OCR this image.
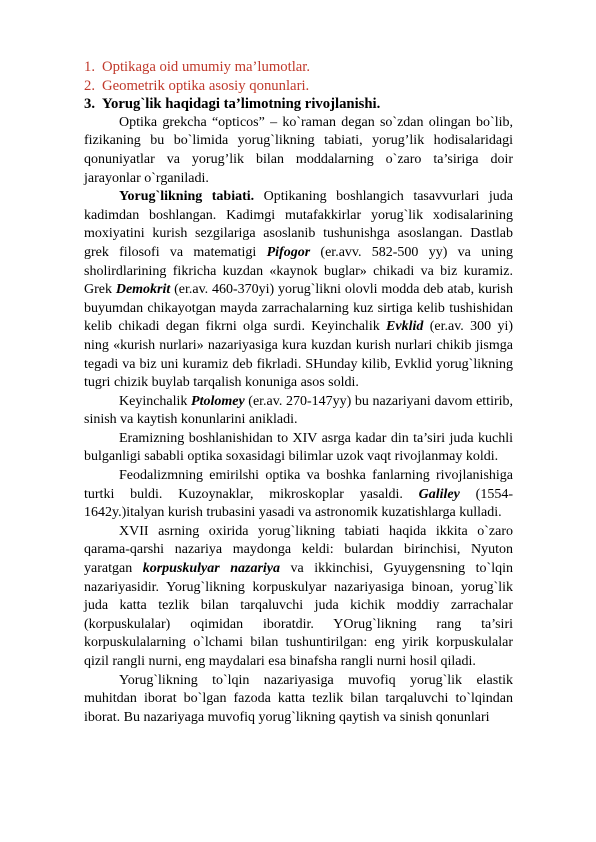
1. Optikaga oid umumiy ma’lumotlar.
2. Geometrik optika asosiy qonunlari.
3. Yorug`lik haqidagi ta’limotning rivojlanishi.

Optika grekcha “opticos” – ko`raman degan so`zdan olingan bo`lib, fizikaning bu bo`limida yorug`likning tabiati, yorug’lik hodisalaridagi qonuniyatlar va yorug’lik bilan moddalarning o`zaro ta’siriga doir jarayonlar o`rganiladi.

Yorug`likning tabiati. Optikaning boshlangich tasavvurlari juda kadimdan boshlangan. Kadimgi mutafakkirlar yorug`lik xodisalarining moxiyatini kurish sezgilariga asoslanib tushunishga asoslangan. Dastlab grek filosofi va matematigi Pifogor (er.avv. 582-500 yy) va uning sholirdlarining fikricha kuzdan «kaynok buglar» chikadi va biz kuramiz. Grek Demokrit (er.av. 460-370yi) yorug`likni olovli modda deb atab, kurish buyumdan chikayotgan mayda zarrachalarning kuz sirtiga kelib tushishidan kelib chikadi degan fikrni olga surdi. Keyinchalik Evklid (er.av. 300 yi) ning «kurish nurlari» nazariyasiga kura kuzdan kurish nurlari chikib jismga tegadi va biz uni kuramiz deb fikrladi. SHunday kilib, Evklid yorug`likning tugri chizik buylab tarqalish konuniga asos soldi.

Keyinchalik Ptolomey (er.av. 270-147yy) bu nazariyani davom ettirib, sinish va kaytish konunlarini anikladi.

Eramizning boshlanishidan to XIV asrga kadar din ta’siri juda kuchli bulganligi sababli optika soxasidagi bilimlar uzok vaqt rivojlanmay koldi.

Feodalizmning emirilshi optika va boshka fanlarning rivojlanishiga turtki buldi. Kuzoynaklar, mikroskoplar yasaldi. Galiley (1554-1642y.)italyan kurish trubasini yasadi va astronomik kuzatishlarga kulladi.

XVII asrning oxirida yorug`likning tabiati haqida ikkita o`zaro qarama-qarshi nazariya maydonga keldi: bulardan birinchisi, Nyuton yaratgan korpuskulyar nazariya va ikkinchisi, Gyuygensning to`lqin nazariyasidir. Yorug`likning korpuskulyar nazariyasiga binoan, yorug`lik juda katta tezlik bilan tarqaluvchi juda kichik moddiy zarrachalar (korpuskulalar) oqimidan iboratdir. YOrug`likning rang ta’siri korpuskulalarning o`lchami bilan tushuntirilgan: eng yirik korpuskulalar qizil rangli nurni, eng maydalari esa binafsha rangli nurni hosil qiladi.

Yorug`likning to`lqin nazariyasiga muvofiq yorug`lik elastik muhitdan iborat bo`lgan fazoda katta tezlik bilan tarqaluvchi to`lqindan iborat. Bu nazariyaga muvofiq yorug`likning qaytish va sinish qonunlari
